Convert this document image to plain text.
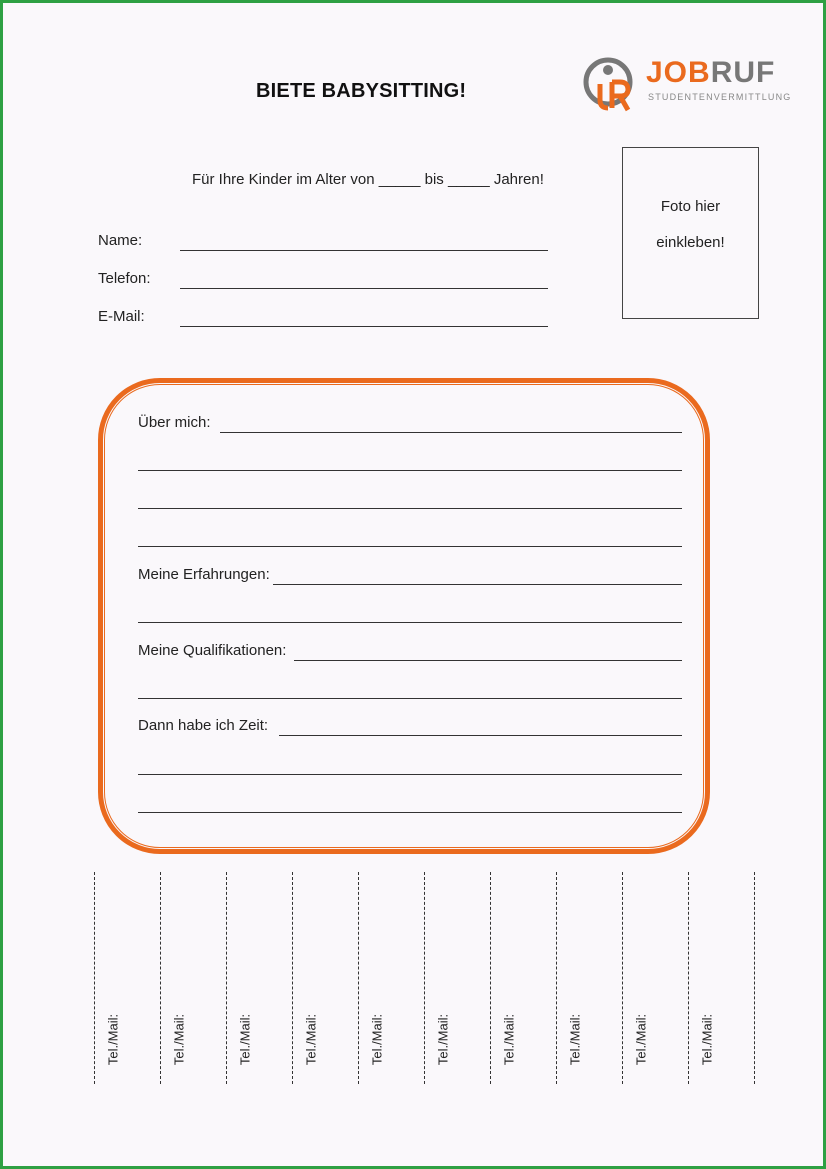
BIETE BABYSITTING!
JOBRUF
STUDENTENVERMITTLUNG
Für Ihre Kinder im Alter von _____ bis _____ Jahren!
Name:
Telefon:
E-Mail:
Foto hier
einkleben!
Über mich:
Meine Erfahrungen:
Meine Qualifikationen:
Dann habe ich Zeit:
Tel./Mail:	Tel./Mail:	Tel./Mail:	Tel./Mail:	Tel./Mail:	Tel./Mail:	Tel./Mail:	Tel./Mail:	Tel./Mail:	Tel./Mail:
